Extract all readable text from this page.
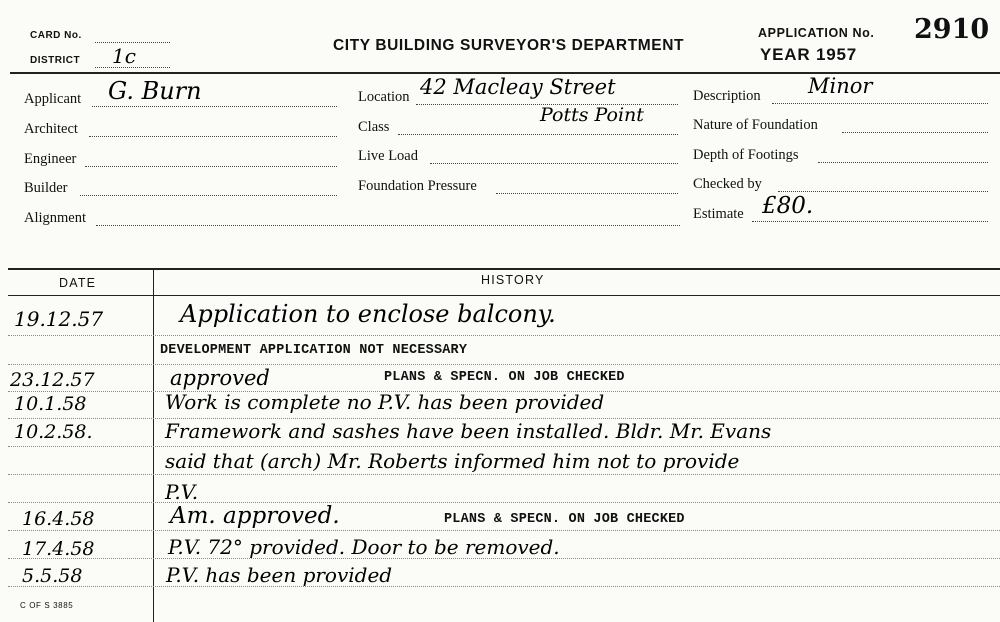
CARD No.
DISTRICT 1c	CITY BUILDING SURVEYOR'S DEPARTMENT
APPLICATION No. 2910
YEAR 1957
Applicant G. Burn
Architect
Engineer
Builder
Alignment
Location 42 Macleay Street
Potts Point
Class
Live Load
Foundation Pressure
Description Minor
Nature of Foundation
Depth of Footings
Checked by
Estimate £80.
DATE	HISTORY
19.12.57	Application to enclose balcony.
DEVELOPMENT APPLICATION NOT NECESSARY
23.12.57	approved	PLANS & SPECN. ON JOB CHECKED
10.1.58	Work is complete no P.V. has been provided
10.2.58.	Framework and sashes have been installed. Bldr. Mr. Evans
said that (arch) Mr. Roberts informed him not to provide
P.V.
16.4.58	Am. approved.	PLANS & SPECN. ON JOB CHECKED
17.4.58	P.V. 72° provided. Door to be removed.
5.5.58	P.V. has been provided
C OF S 3885
